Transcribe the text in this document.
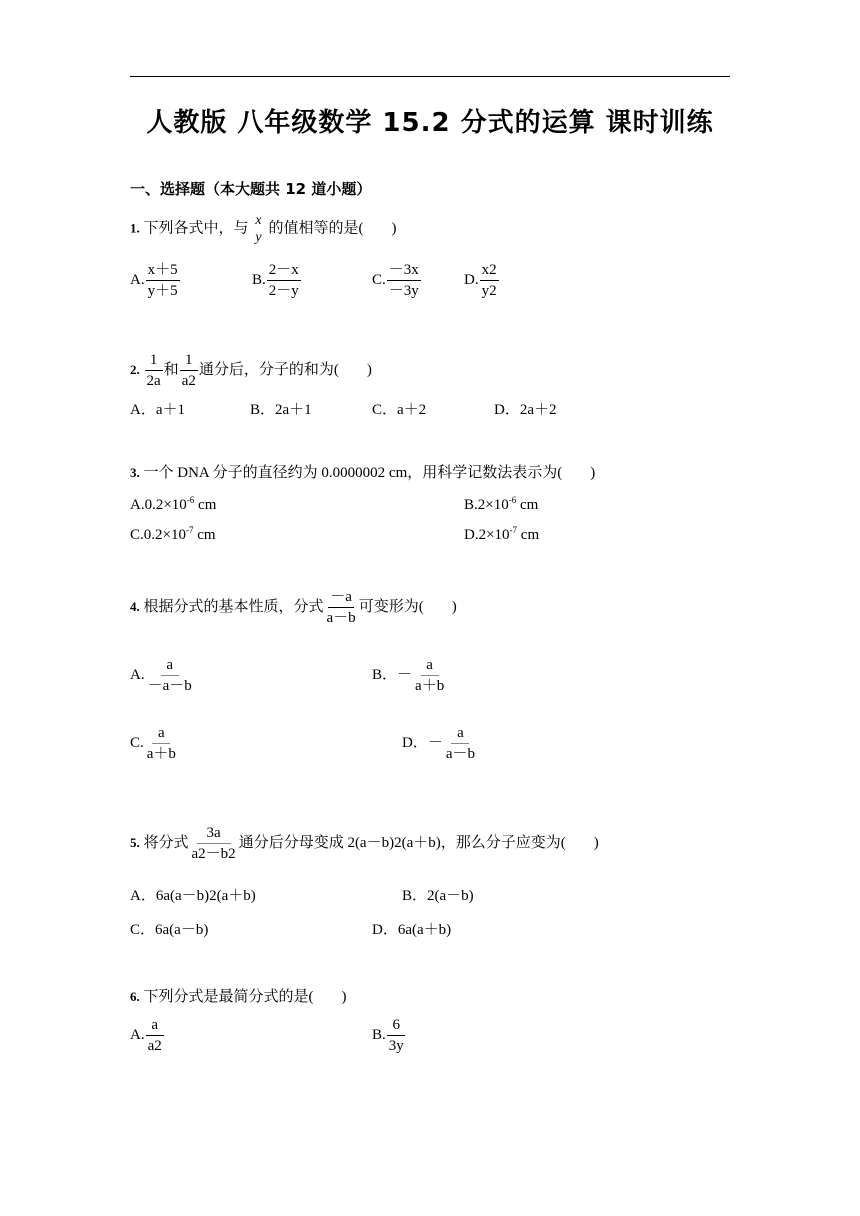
人教版 八年级数学 15.2 分式的运算 课时训练
一、选择题（本大题共 12 道小题）
1. 下列各式中，与 x
y
的值相等的是( )
A. $\frac{x+5}{y+5}$	B. $\frac{2-x}{2-y}$	C. $\frac{-3x}{-3y}$	D. $\frac{x2}{y2}$
2. $\frac{1}{2a}$ 和 $\frac{1}{a2}$ 通分后，分子的和为( )
A．a＋1	B．2a＋1	C．a＋2	D．2a＋2
3. 一个 DNA 分子的直径约为 0.0000002 cm，用科学记数法表示为( )
$A.0.2\times 10^{-6}$ cm	$B.2\times 10^{-6}$ cm
$C.0.2\times 10^{-7}$ cm	$D.2\times 10^{-7}$ cm
4. 根据分式的基本性质，分式 $\frac{-a}{a-b}$ 可变形为( )
A. $\frac{a}{-a-b}$	B．－ $\frac{a}{a+b}$
C. $\frac{a}{a+b}$	D．－ $\frac{a}{a-b}$
5. 将分式 $\frac{3a}{a2-b2}$ 通分后分母变成 2(a－b)2(a＋b)，那么分子应变为( )
A．6a(a－b)2(a＋b)	B．2(a－b)
C．6a(a－b)	D．6a(a＋b)
6. 下列分式是最简分式的是( )
A. $\frac{a}{a2}$	B. $\frac{6}{3y}$
